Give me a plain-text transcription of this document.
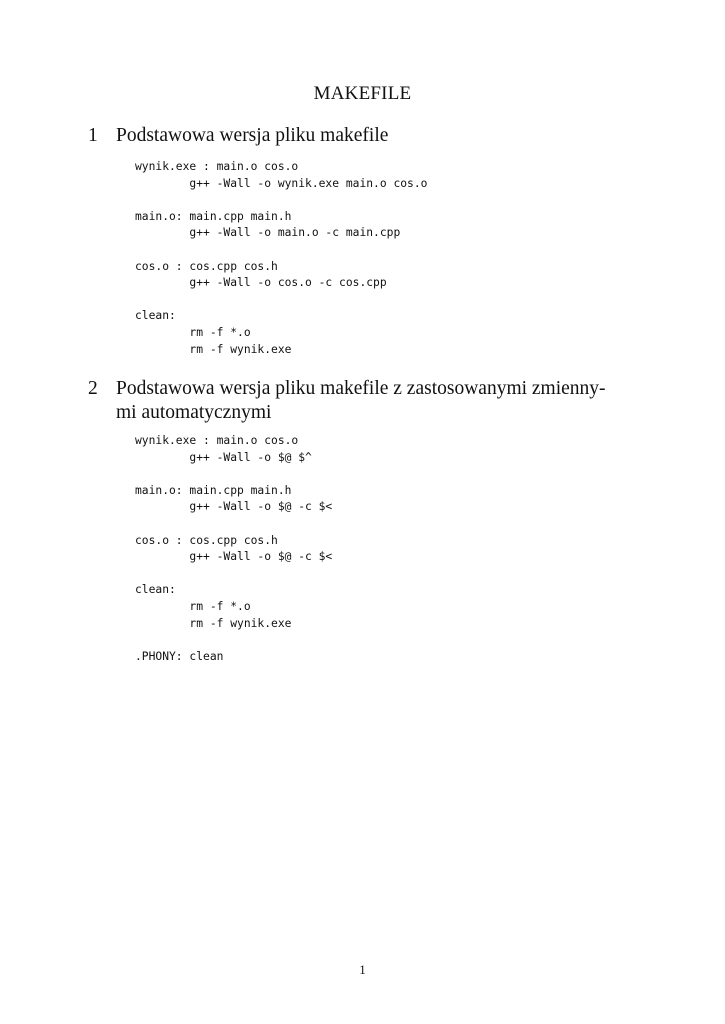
MAKEFILE
1 Podstawowa wersja pliku makefile
wynik.exe : main.o cos.o
g++ -Wall -o wynik.exe main.o cos.o

main.o: main.cpp main.h
g++ -Wall -o main.o -c main.cpp

cos.o : cos.cpp cos.h
g++ -Wall -o cos.o -c cos.cpp

clean:
rm -f *.o
rm -f wynik.exe
2 Podstawowa wersja pliku makefile z zastosowanymi zmienny-
mi automatycznymi
wynik.exe : main.o cos.o
g++ -Wall -o $@ $^

main.o: main.cpp main.h
g++ -Wall -o $@ -c $<

cos.o : cos.cpp cos.h
g++ -Wall -o $@ -c $<

clean:
rm -f *.o
rm -f wynik.exe

.PHONY: clean
1
